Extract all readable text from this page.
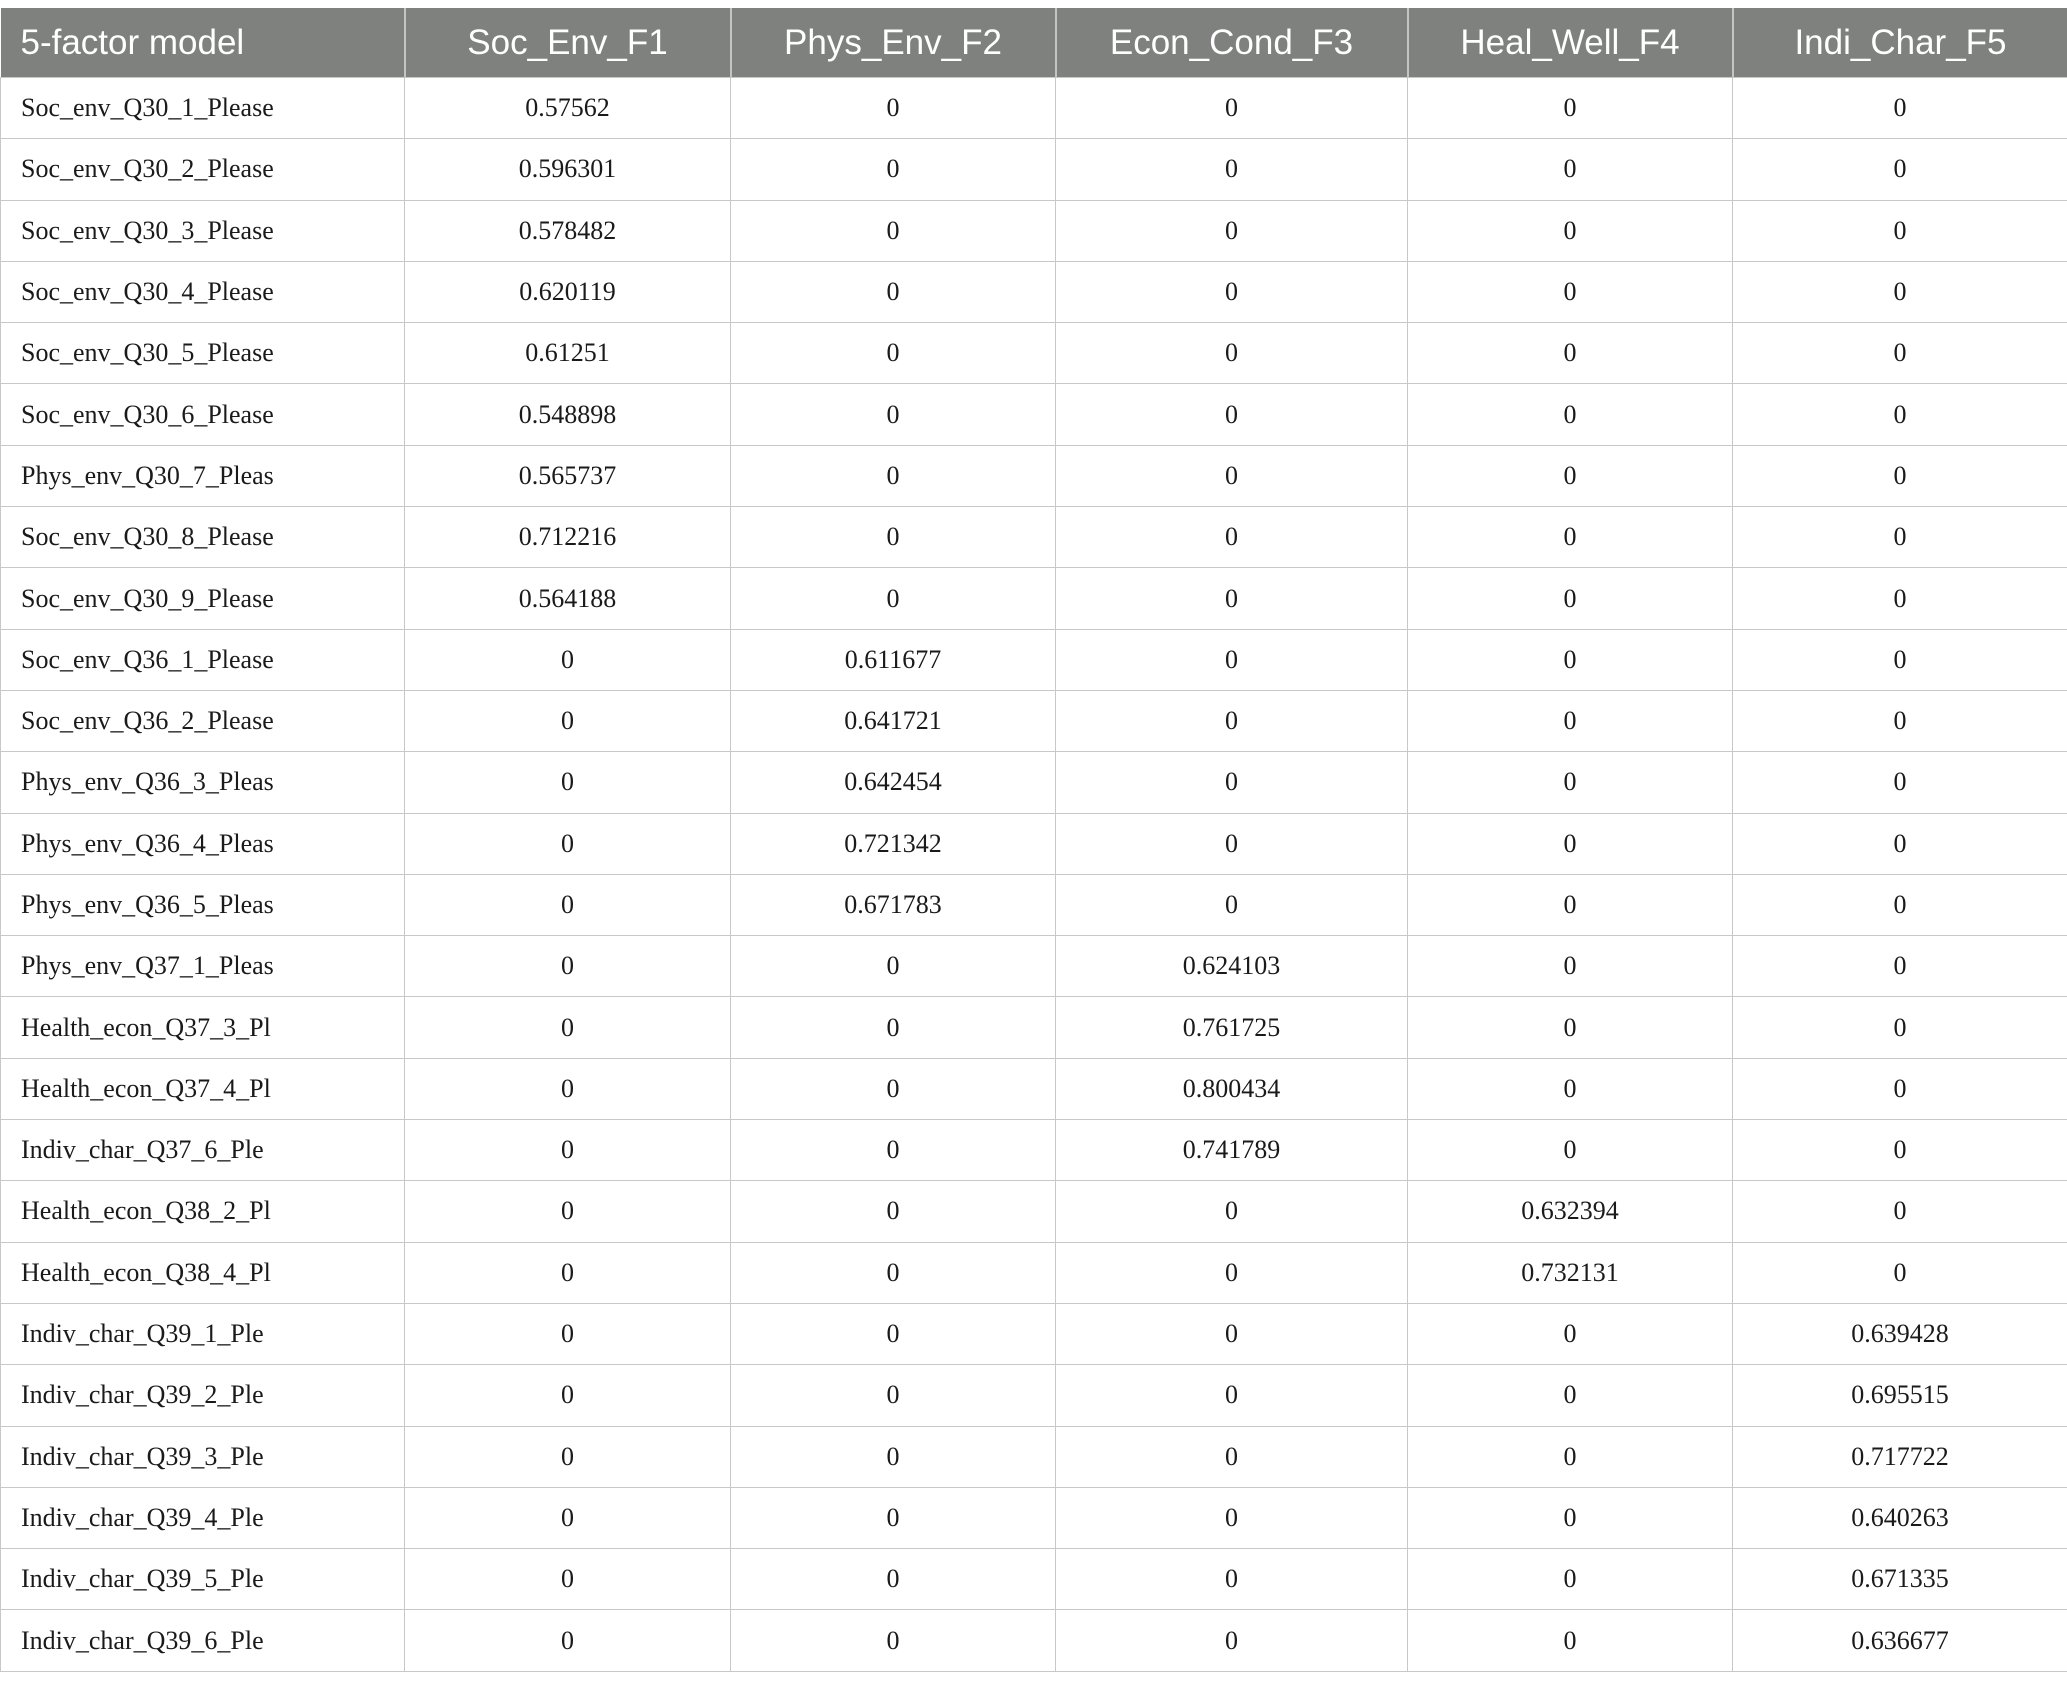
5-factor model	Soc_Env_F1	Phys_Env_F2	Econ_Cond_F3	Heal_Well_F4	Indi_Char_F5
Soc_env_Q30_1_Please	0.57562	0	0	0	0
Soc_env_Q30_2_Please	0.596301	0	0	0	0
Soc_env_Q30_3_Please	0.578482	0	0	0	0
Soc_env_Q30_4_Please	0.620119	0	0	0	0
Soc_env_Q30_5_Please	0.61251	0	0	0	0
Soc_env_Q30_6_Please	0.548898	0	0	0	0
Phys_env_Q30_7_Pleas	0.565737	0	0	0	0
Soc_env_Q30_8_Please	0.712216	0	0	0	0
Soc_env_Q30_9_Please	0.564188	0	0	0	0
Soc_env_Q36_1_Please	0	0.611677	0	0	0
Soc_env_Q36_2_Please	0	0.641721	0	0	0
Phys_env_Q36_3_Pleas	0	0.642454	0	0	0
Phys_env_Q36_4_Pleas	0	0.721342	0	0	0
Phys_env_Q36_5_Pleas	0	0.671783	0	0	0
Phys_env_Q37_1_Pleas	0	0	0.624103	0	0
Health_econ_Q37_3_Pl	0	0	0.761725	0	0
Health_econ_Q37_4_Pl	0	0	0.800434	0	0
Indiv_char_Q37_6_Ple	0	0	0.741789	0	0
Health_econ_Q38_2_Pl	0	0	0	0.632394	0
Health_econ_Q38_4_Pl	0	0	0	0.732131	0
Indiv_char_Q39_1_Ple	0	0	0	0	0.639428
Indiv_char_Q39_2_Ple	0	0	0	0	0.695515
Indiv_char_Q39_3_Ple	0	0	0	0	0.717722
Indiv_char_Q39_4_Ple	0	0	0	0	0.640263
Indiv_char_Q39_5_Ple	0	0	0	0	0.671335
Indiv_char_Q39_6_Ple	0	0	0	0	0.636677
